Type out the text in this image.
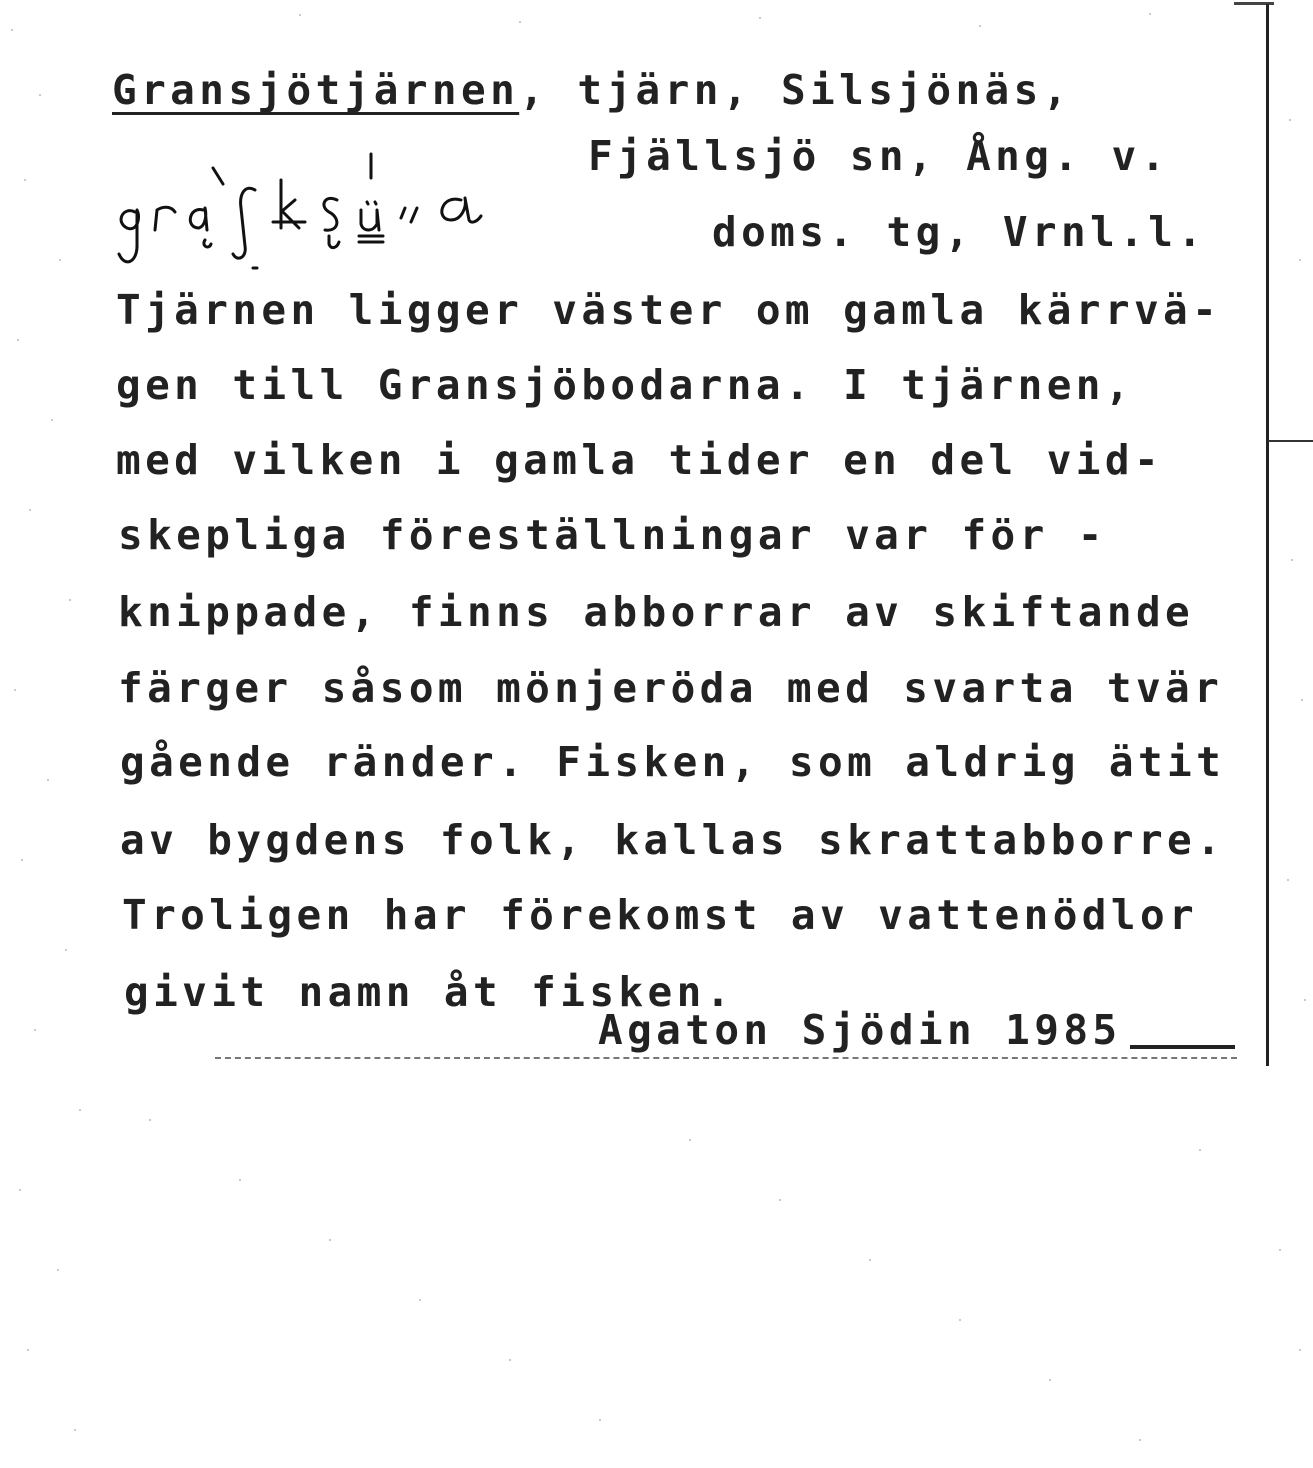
Gransjötjärnen, tjärn, Silsjönäs,
Fjällsjö sn, Ång. v.
doms. tg, Vrnl.l.
Tjärnen ligger väster om gamla kärrvä-
gen till Gransjöbodarna. I tjärnen,
med vilken i gamla tider en del vid-
skepliga föreställningar var för -
knippade, finns abborrar av skiftande
färger såsom mönjeröda med svarta tvär
gående ränder. Fisken, som aldrig ätit
av bygdens folk, kallas skrattabborre.
Troligen har förekomst av vattenödlor
givit namn åt fisken.
Agaton Sjödin 1985
